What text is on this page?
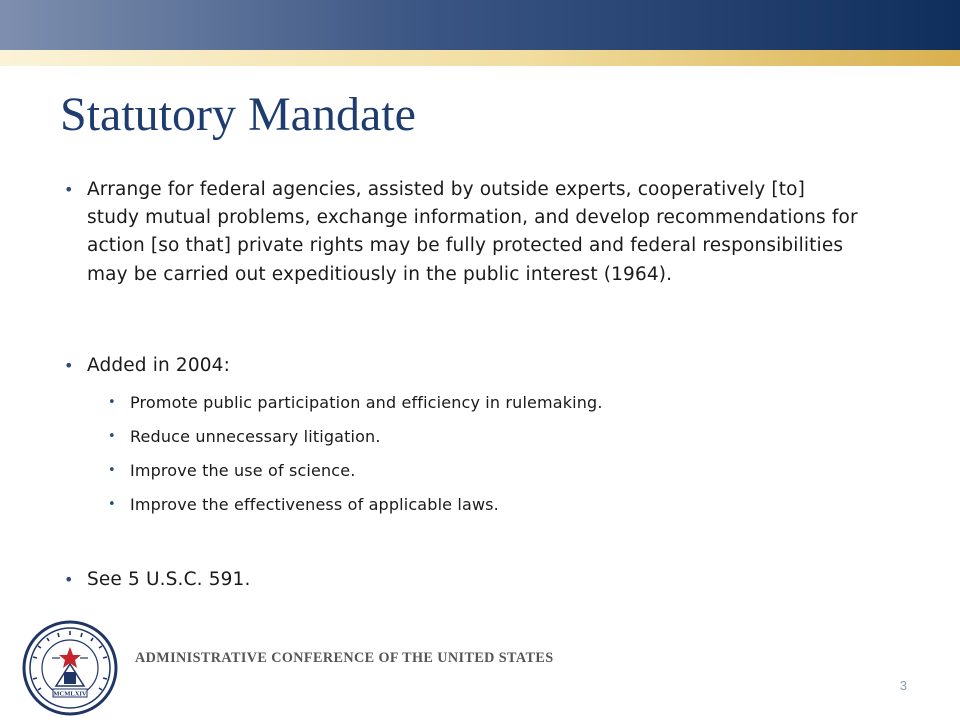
Statutory Mandate
• Arrange for federal agencies, assisted by outside experts, cooperatively [to]
study mutual problems, exchange information, and develop recommendations for
action [so that] private rights may be fully protected and federal responsibilities
may be carried out expeditiously in the public interest (1964).
• Added in 2004:
• Promote public participation and efficiency in rulemaking.
• Reduce unnecessary litigation.
• Improve the use of science.
• Improve the effectiveness of applicable laws.
• See 5 U.S.C. 591.
MCMLXIV
ADMINISTRATIVE CONFERENCE OF THE UNITED STATES
3
